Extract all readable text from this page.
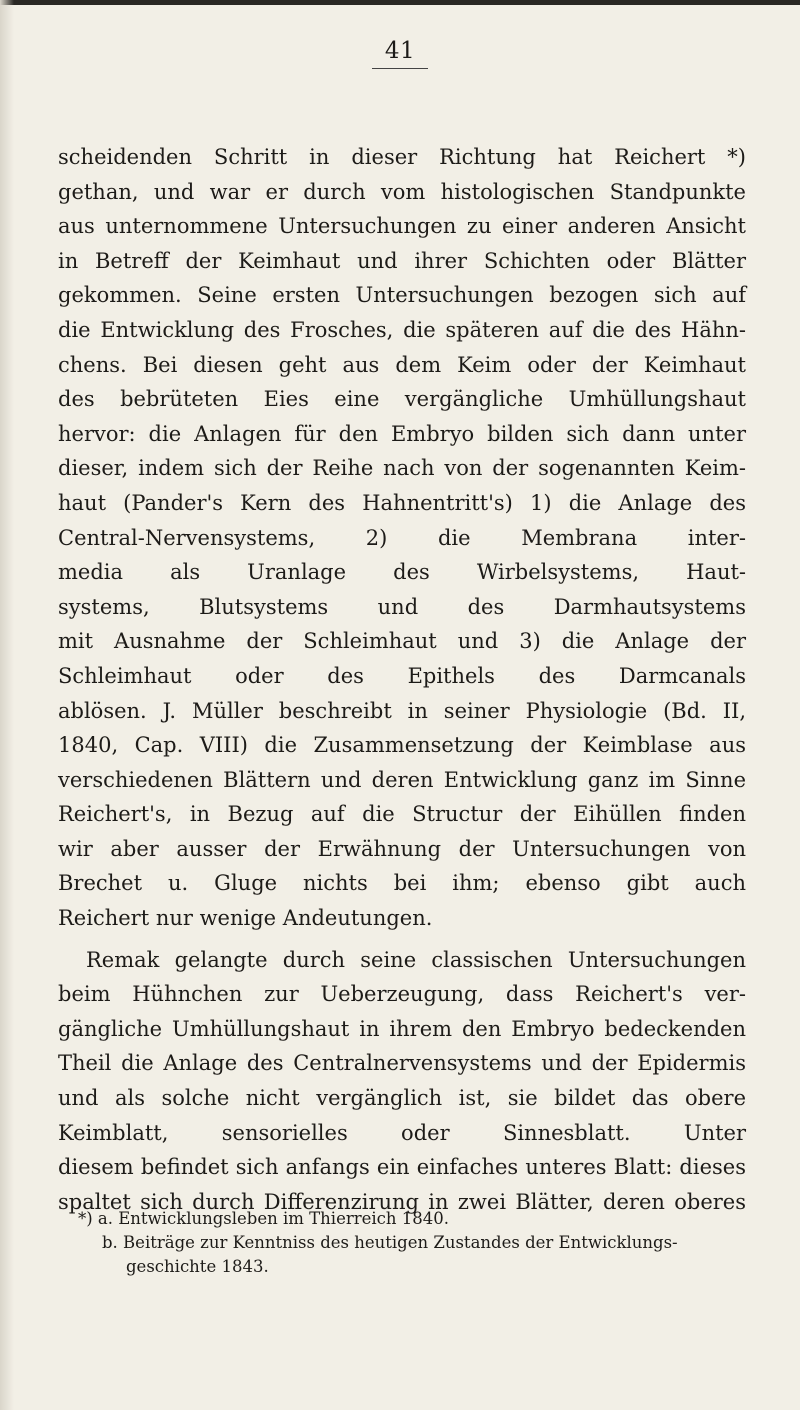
41
scheidenden Schritt in dieser Richtung hat Reichert *)
gethan, und war er durch vom histologischen Standpunkte
aus unternommene Untersuchungen zu einer anderen Ansicht
in Betreff der Keimhaut und ihrer Schichten oder Blätter
gekommen. Seine ersten Untersuchungen bezogen sich auf
die Entwicklung des Frosches, die späteren auf die des Hähn-
chens. Bei diesen geht aus dem Keim oder der Keimhaut
des bebrüteten Eies eine vergängliche Umhüllungshaut
hervor: die Anlagen für den Embryo bilden sich dann unter
dieser, indem sich der Reihe nach von der sogenannten Keim-
haut (Pander's Kern des Hahnentritt's) 1) die Anlage des
Central-Nervensystems, 2) die Membrana inter-
media als Uranlage des Wirbelsystems, Haut-
systems, Blutsystems und des Darmhautsystems
mit Ausnahme der Schleimhaut und 3) die Anlage der
Schleimhaut oder des Epithels des Darmcanals
ablösen. J. Müller beschreibt in seiner Physiologie (Bd. II,
1840, Cap. VIII) die Zusammensetzung der Keimblase aus
verschiedenen Blättern und deren Entwicklung ganz im Sinne
Reichert's, in Bezug auf die Structur der Eihüllen finden
wir aber ausser der Erwähnung der Untersuchungen von
Brechet u. Gluge nichts bei ihm; ebenso gibt auch
Reichert nur wenige Andeutungen.
Remak gelangte durch seine classischen Untersuchungen
beim Hühnchen zur Ueberzeugung, dass Reichert's ver-
gängliche Umhüllungshaut in ihrem den Embryo bedeckenden
Theil die Anlage des Centralnervensystems und der Epidermis
und als solche nicht vergänglich ist, sie bildet das obere
Keimblatt, sensorielles oder Sinnesblatt. Unter
diesem befindet sich anfangs ein einfaches unteres Blatt: dieses
spaltet sich durch Differenzirung in zwei Blätter, deren oberes
*) a. Entwicklungsleben im Thierreich 1840.
b. Beiträge zur Kenntniss des heutigen Zustandes der Entwicklungs-
geschichte 1843.
